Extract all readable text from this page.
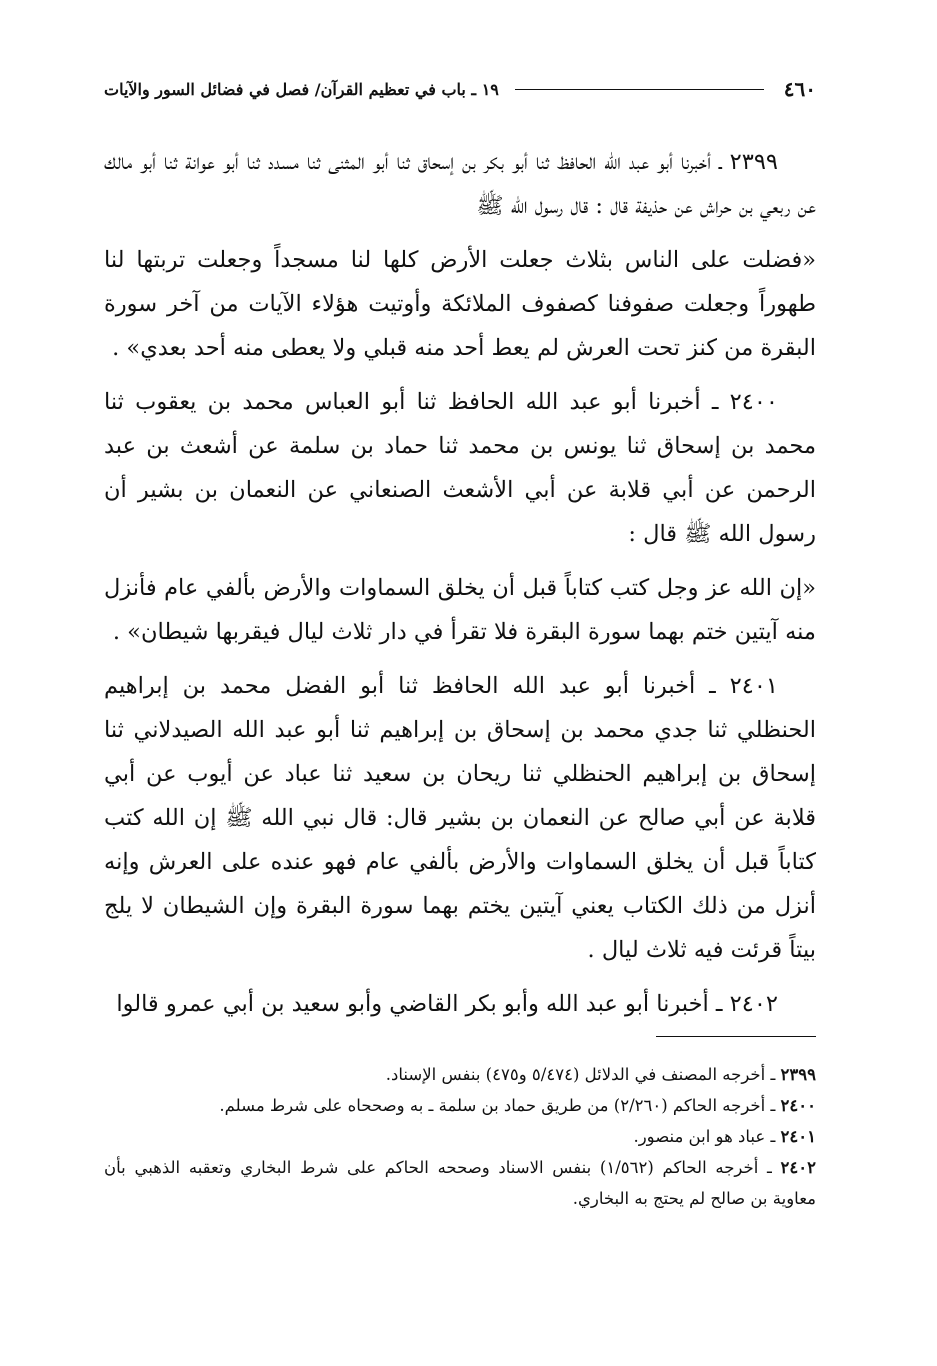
٤٦٠
١٩ ـ باب في تعظيم القرآن/ فصل في فضائل السور والآيات

٢٣٩٩ ـ أخبرنا أبو عبد الله الحافظ ثنا أبو بكر بن إسحاق ثنا أبو المثنى ثنا مسدد ثنا أبو عوانة ثنا أبو مالك عن ربعي بن حراش عن حذيفة قال : قال رسول الله ﷺ

«فضلت على الناس بثلاث جعلت الأرض كلها لنا مسجداً وجعلت تربتها لنا طهوراً وجعلت صفوفنا كصفوف الملائكة وأوتيت هؤلاء الآيات من آخر سورة البقرة من كنز تحت العرش لم يعط أحد منه قبلي ولا يعطى منه أحد بعدي» .

٢٤٠٠ ـ أخبرنا أبو عبد الله الحافظ ثنا أبو العباس محمد بن يعقوب ثنا محمد بن إسحاق ثنا يونس بن محمد ثنا حماد بن سلمة عن أشعث بن عبد الرحمن عن أبي قلابة عن أبي الأشعث الصنعاني عن النعمان بن بشير أن رسول الله ﷺ قال :

«إن الله عز وجل كتب كتاباً قبل أن يخلق السماوات والأرض بألفي عام فأنزل منه آيتين ختم بهما سورة البقرة فلا تقرأ في دار ثلاث ليال فيقربها شيطان» .

٢٤٠١ ـ أخبرنا أبو عبد الله الحافظ ثنا أبو الفضل محمد بن إبراهيم الحنظلي ثنا جدي محمد بن إسحاق بن إبراهيم ثنا أبو عبد الله الصيدلاني ثنا إسحاق بن إبراهيم الحنظلي ثنا ريحان بن سعيد ثنا عباد عن أيوب عن أبي قلابة عن أبي صالح عن النعمان بن بشير قال: قال نبي الله ﷺ إن الله كتب كتاباً قبل أن يخلق السماوات والأرض بألفي عام فهو عنده على العرش وإنه أنزل من ذلك الكتاب يعني آيتين يختم بهما سورة البقرة وإن الشيطان لا يلج بيتاً قرئت فيه ثلاث ليال .

٢٤٠٢ ـ أخبرنا أبو عبد الله وأبو بكر القاضي وأبو سعيد بن أبي عمرو قالوا

٢٣٩٩ ـ أخرجه المصنف في الدلائل (٥/٤٧٤ و٤٧٥) بنفس الإسناد.

٢٤٠٠ ـ أخرجه الحاكم (٢/٢٦٠) من طريق حماد بن سلمة ـ به وصححاه على شرط مسلم.

٢٤٠١ ـ عباد هو ابن منصور.

٢٤٠٢ ـ أخرجه الحاكم (١/٥٦٢) بنفس الاسناد وصححه الحاكم على شرط البخاري وتعقبه الذهبي بأن معاوية بن صالح لم يحتج به البخاري.
